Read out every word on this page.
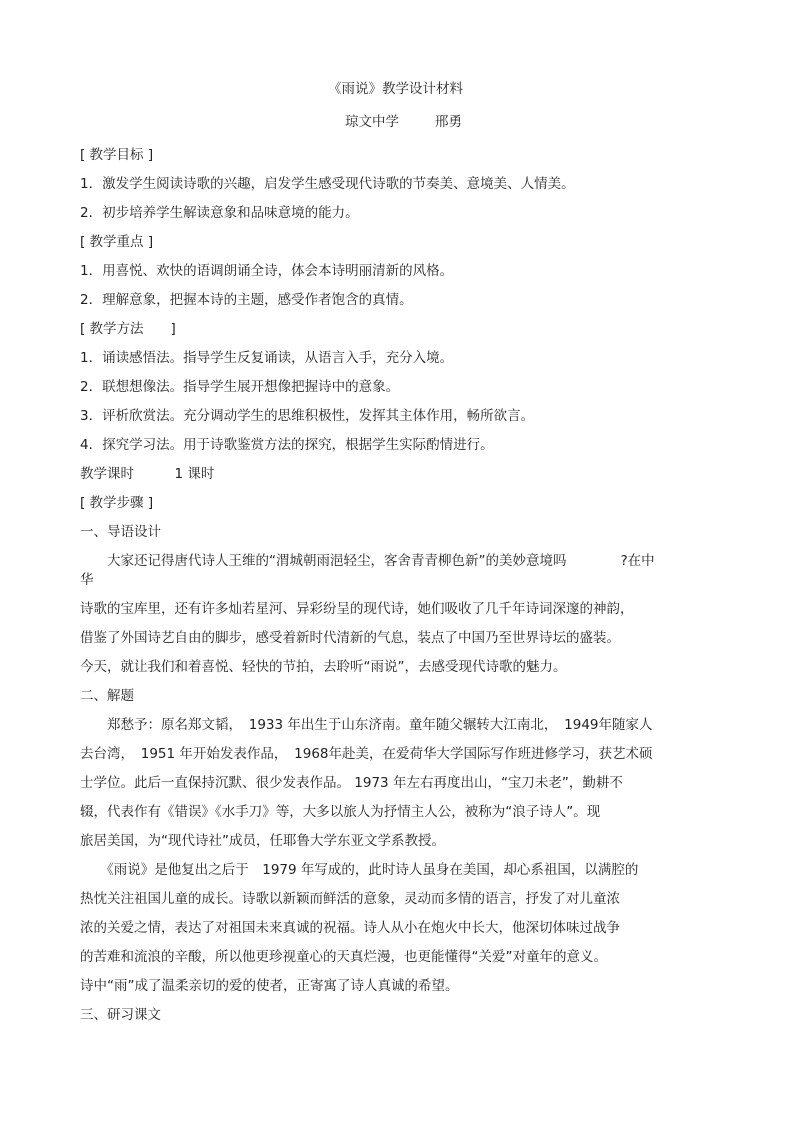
《雨说》教学设计材料
琼文中学	邢勇
[ 教学目标 ]
1．激发学生阅读诗歌的兴趣，启发学生感受现代诗歌的节奏美、意境美、人情美。
2．初步培养学生解读意象和品味意境的能力。
[ 教学重点 ]
1．用喜悦、欢快的语调朗诵全诗，体会本诗明丽清新的风格。
2．理解意象，把握本诗的主题，感受作者饱含的真情。
[ 教学方法　　]
1．诵读感悟法。指导学生反复诵读，从语言入手，充分入境。
2．联想想像法。指导学生展开想像把握诗中的意象。
3．评析欣赏法。充分调动学生的思维积极性，发挥其主体作用，畅所欲言。
4．探究学习法。用于诗歌鉴赏方法的探究，根据学生实际酌情进行。
教学课时　　　1 课时
[ 教学步骤 ]
一、导语设计
　　大家还记得唐代诗人王维的“渭城朝雨浥轻尘，客舍青青柳色新”的美妙意境吗　　　　?在中
华
诗歌的宝库里，还有许多灿若星河、异彩纷呈的现代诗，她们吸收了几千年诗词深邃的神韵，
借鉴了外国诗艺自由的脚步，感受着新时代清新的气息，装点了中国乃至世界诗坛的盛装。
今天，就让我们和着喜悦、轻快的节拍，去聆听“雨说”，去感受现代诗歌的魅力。
二、解题
　　郑愁予：原名郑文韬，　1933 年出生于山东济南。童年随父辗转大江南北，　1949年随家人
去台湾，　1951 年开始发表作品，　1968年赴美，在爱荷华大学国际写作班进修学习，获艺术硕
士学位。此后一直保持沉默、很少发表作品。 1973 年左右再度出山，“宝刀未老”，勤耕不
辍，代表作有《错误》《水手刀》等，大多以旅人为抒情主人公，被称为“浪子诗人”。现
旅居美国，为“现代诗社”成员，任耶鲁大学东亚文学系教授。
　　《雨说》是他复出之后于　1979 年写成的，此时诗人虽身在美国，却心系祖国，以满腔的
热忱关注祖国儿童的成长。诗歌以新颖而鲜活的意象，灵动而多情的语言，抒发了对儿童浓
浓的关爱之情，表达了对祖国未来真诚的祝福。诗人从小在炮火中长大，他深切体味过战争
的苦难和流浪的辛酸，所以他更珍视童心的天真烂漫，也更能懂得“关爱”对童年的意义。
诗中“雨”成了温柔亲切的爱的使者，正寄寓了诗人真诚的希望。
三、研习课文
